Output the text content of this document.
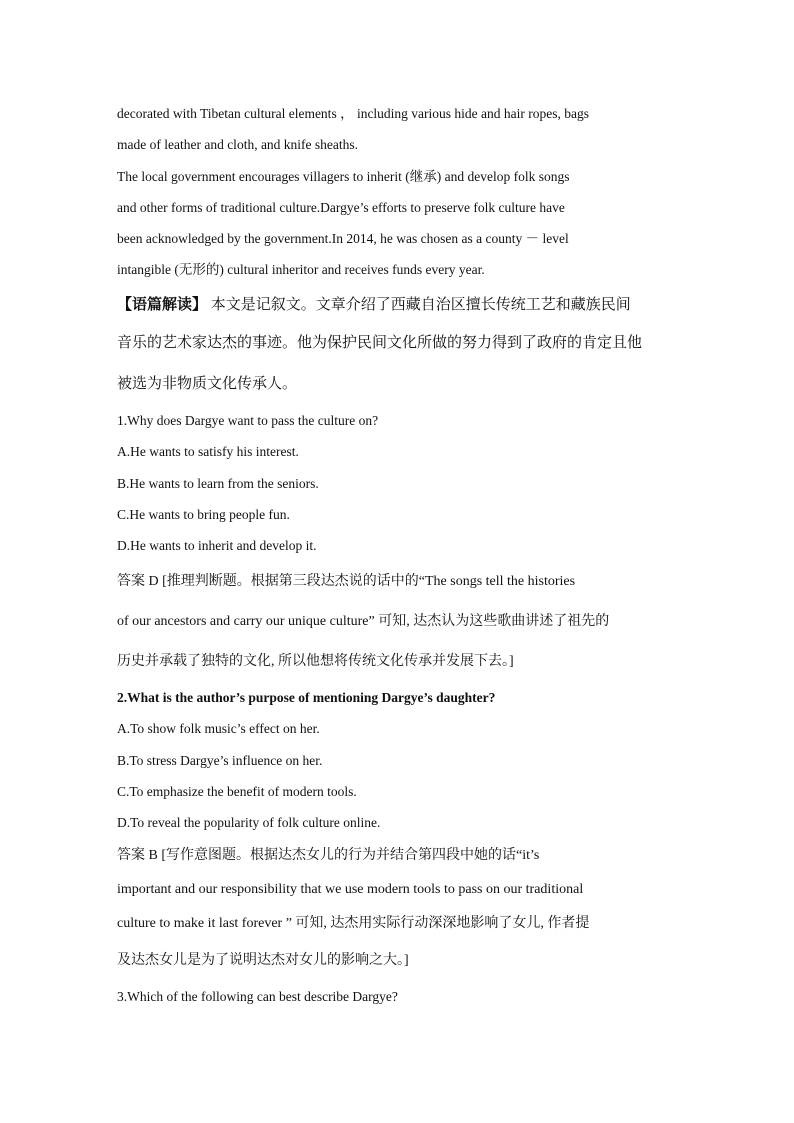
decorated with Tibetan cultural elements ， including various hide and hair ropes, bags
made of leather and cloth, and knife sheaths.
The local government encourages villagers to inherit (继承) and develop folk songs
and other forms of traditional culture.Dargye’s efforts to preserve folk culture have
been acknowledged by the government.In 2014, he was chosen as a county － level
intangible (无形的) cultural inheritor and receives funds every year.
【语篇解读】 本文是记叙文。文章介绍了西藏自治区擅长传统工艺和藏族民间
音乐的艺术家达杰的事迹。他为保护民间文化所做的努力得到了政府的肯定且他
被选为非物质文化传承人。
1.Why does Dargye want to pass the culture on?
A.He wants to satisfy his interest.
B.He wants to learn from the seniors.
C.He wants to bring people fun.
D.He wants to inherit and develop it.
答案 D [推理判断题。根据第三段达杰说的话中的“The songs tell the histories
of our ancestors and carry our unique culture” 可知, 达杰认为这些歌曲讲述了祖先的
历史并承载了独特的文化, 所以他想将传统文化传承并发展下去。]
2.What is the author’s purpose of mentioning Dargye’s daughter?
A.To show folk music’s effect on her.
B.To stress Dargye’s influence on her.
C.To emphasize the benefit of modern tools.
D.To reveal the popularity of folk culture online.
答案 B [写作意图题。根据达杰女儿的行为并结合第四段中她的话“it’s
important and our responsibility that we use modern tools to pass on our traditional
culture to make it last forever ” 可知, 达杰用实际行动深深地影响了女儿, 作者提
及达杰女儿是为了说明达杰对女儿的影响之大。]
3.Which of the following can best describe Dargye?
